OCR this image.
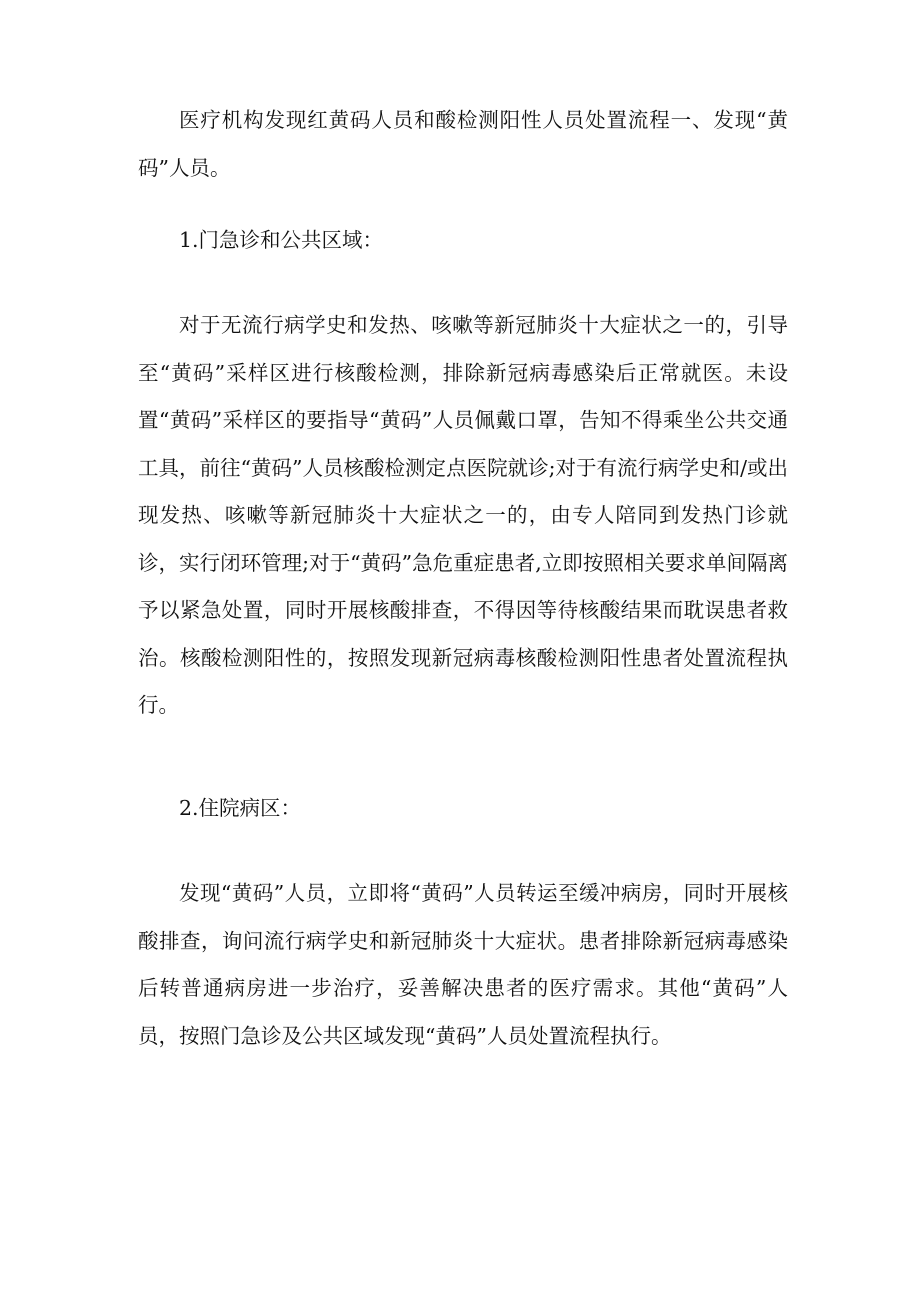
医疗机构发现红黄码人员和酸检测阳性人员处置流程一、发现“黄码”人员。

1.门急诊和公共区域：

对于无流行病学史和发热、咳嗽等新冠肺炎十大症状之一的，引导至“黄码”采样区进行核酸检测，排除新冠病毒感染后正常就医。未设置“黄码”采样区的要指导“黄码”人员佩戴口罩，告知不得乘坐公共交通工具，前往“黄码”人员核酸检测定点医院就诊;对于有流行病学史和/或出现发热、咳嗽等新冠肺炎十大症状之一的，由专人陪同到发热门诊就诊，实行闭环管理;对于“黄码”急危重症患者,立即按照相关要求单间隔离予以紧急处置，同时开展核酸排查，不得因等待核酸结果而耽误患者救治。核酸检测阳性的，按照发现新冠病毒核酸检测阳性患者处置流程执行。

2.住院病区：

发现“黄码”人员，立即将“黄码”人员转运至缓冲病房，同时开展核酸排查，询问流行病学史和新冠肺炎十大症状。患者排除新冠病毒感染后转普通病房进一步治疗，妥善解决患者的医疗需求。其他“黄码”人员，按照门急诊及公共区域发现“黄码”人员处置流程执行。
